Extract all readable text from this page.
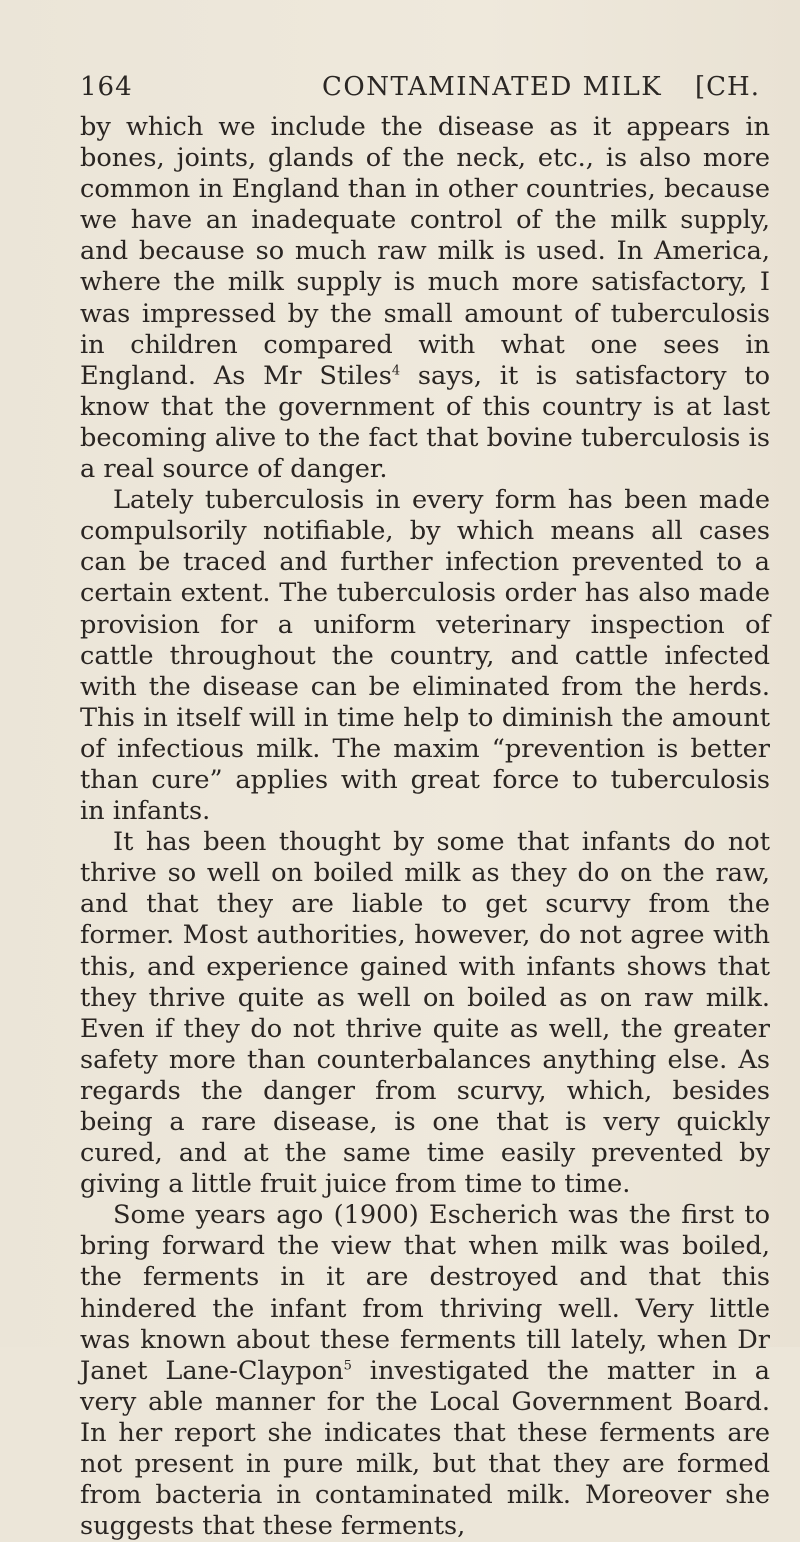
164	CONTAMINATED MILK [CH.

by which we include the disease as it appears in bones, joints, glands of the neck, etc., is also more common in England than in other countries, because we have an inadequate control of the milk supply, and because so much raw milk is used. In America, where the milk supply is much more satisfactory, I was impressed by the small amount of tuberculosis in children compared with what one sees in England. As Mr Stiles$^4$ says, it is satisfactory to know that the government of this country is at last becoming alive to the fact that bovine tuberculosis is a real source of danger.

Lately tuberculosis in every form has been made compulsorily notifiable, by which means all cases can be traced and further infection prevented to a certain extent. The tuberculosis order has also made provision for a uniform veterinary inspection of cattle throughout the country, and cattle infected with the disease can be eliminated from the herds. This in itself will in time help to diminish the amount of infectious milk. The maxim “prevention is better than cure” applies with great force to tuberculosis in infants.

It has been thought by some that infants do not thrive so well on boiled milk as they do on the raw, and that they are liable to get scurvy from the former. Most authorities, however, do not agree with this, and experience gained with infants shows that they thrive quite as well on boiled as on raw milk. Even if they do not thrive quite as well, the greater safety more than counterbalances anything else. As regards the danger from scurvy, which, besides being a rare disease, is one that is very quickly cured, and at the same time easily prevented by giving a little fruit juice from time to time.

Some years ago (1900) Escherich was the first to bring forward the view that when milk was boiled, the ferments in it are destroyed and that this hindered the infant from thriving well. Very little was known about these ferments till lately, when Dr Janet Lane-Claypon$^5$ investigated the matter in a very able manner for the Local Government Board. In her report she indicates that these ferments are not present in pure milk, but that they are formed from bacteria in contaminated milk. Moreover she suggests that these ferments,
